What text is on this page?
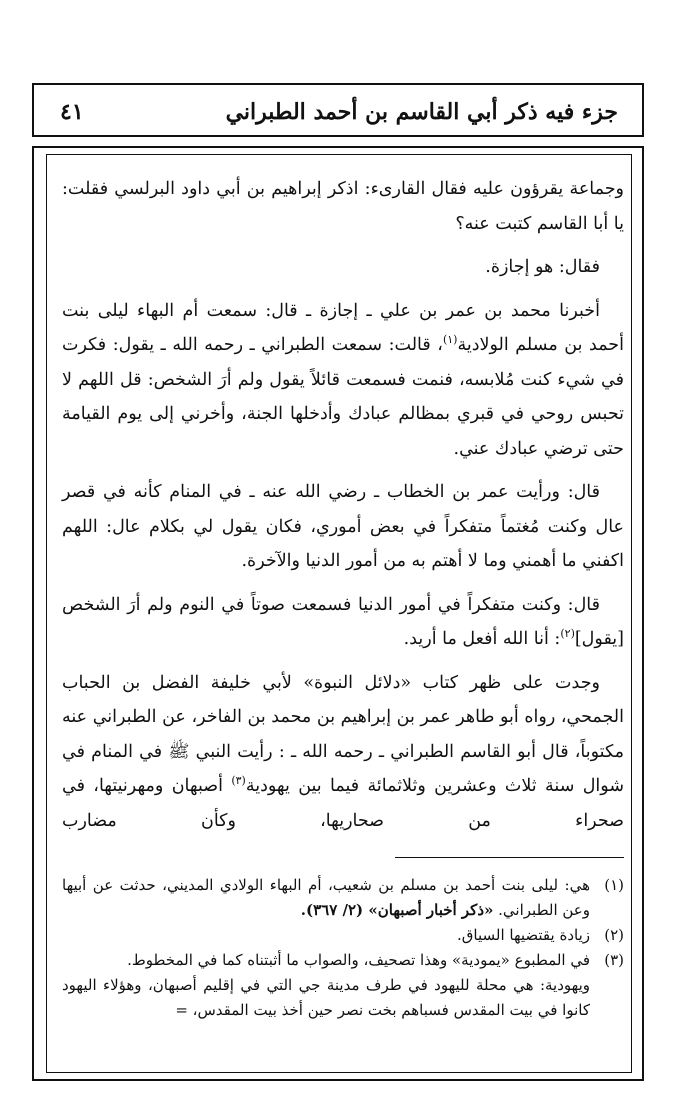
جزء فيه ذكر أبي القاسم بن أحمد الطبراني
٤١

وجماعة يقرؤون عليه فقال القارىء: اذكر إبراهيم بن أبي داود البرلسي فقلت: يا أبا القاسم كتبت عنه؟

فقال: هو إجازة.

أخبرنا محمد بن عمر بن علي ـ إجازة ـ قال: سمعت أم البهاء ليلى بنت أحمد بن مسلم الولادية$^{(١)}$، قالت: سمعت الطبراني ـ رحمه الله ـ يقول: فكرت في شيء كنت مُلابسه، فنمت فسمعت قائلاً يقول ولم أرَ الشخص: قل اللهم لا تحبس روحي في قبري بمظالم عبادك وأدخلها الجنة، وأخرني إلى يوم القيامة حتى ترضي عبادك عني.

قال: ورأيت عمر بن الخطاب ـ رضي الله عنه ـ في المنام كأنه في قصر عال وكنت مُغتماً متفكراً في بعض أموري، فكان يقول لي بكلام عال: اللهم اكفني ما أهمني وما لا أهتم به من أمور الدنيا والآخرة.

قال: وكنت متفكراً في أمور الدنيا فسمعت صوتاً في النوم ولم أرَ الشخص [يقول]$^{(٢)}$: أنا الله أفعل ما أريد.

وجدت على ظهر كتاب «دلائل النبوة» لأبي خليفة الفضل بن الحباب الجمحي، رواه أبو طاهر عمر بن إبراهيم بن محمد بن الفاخر، عن الطبراني عنه مكتوباً، قال أبو القاسم الطبراني ـ رحمه الله ـ : رأيت النبي ﷺ في المنام في شوال سنة ثلاث وعشرين وثلاثمائة فيما بين يهودية$^{(٣)}$ أصبهان ومهرنيتها، في صحراء من صحاريها، وكأن مضارب

(١)
هي: ليلى بنت أحمد بن مسلم بن شعيب، أم البهاء الولادي المديني، حدثت عن أبيها وعن الطبراني. «ذكر أخبار أصبهان» (٢/ ٣٦٧).
(٢)
زيادة يقتضيها السياق.
(٣)
في المطبوع «يمودية» وهذا تصحيف، والصواب ما أثبتناه كما في المخطوط.
ويهودية: هي محلة لليهود في طرف مدينة جي التي في إقليم أصبهان، وهؤلاء اليهود كانوا في بيت المقدس فسباهم بخت نصر حين أخذ بيت المقدس، =
